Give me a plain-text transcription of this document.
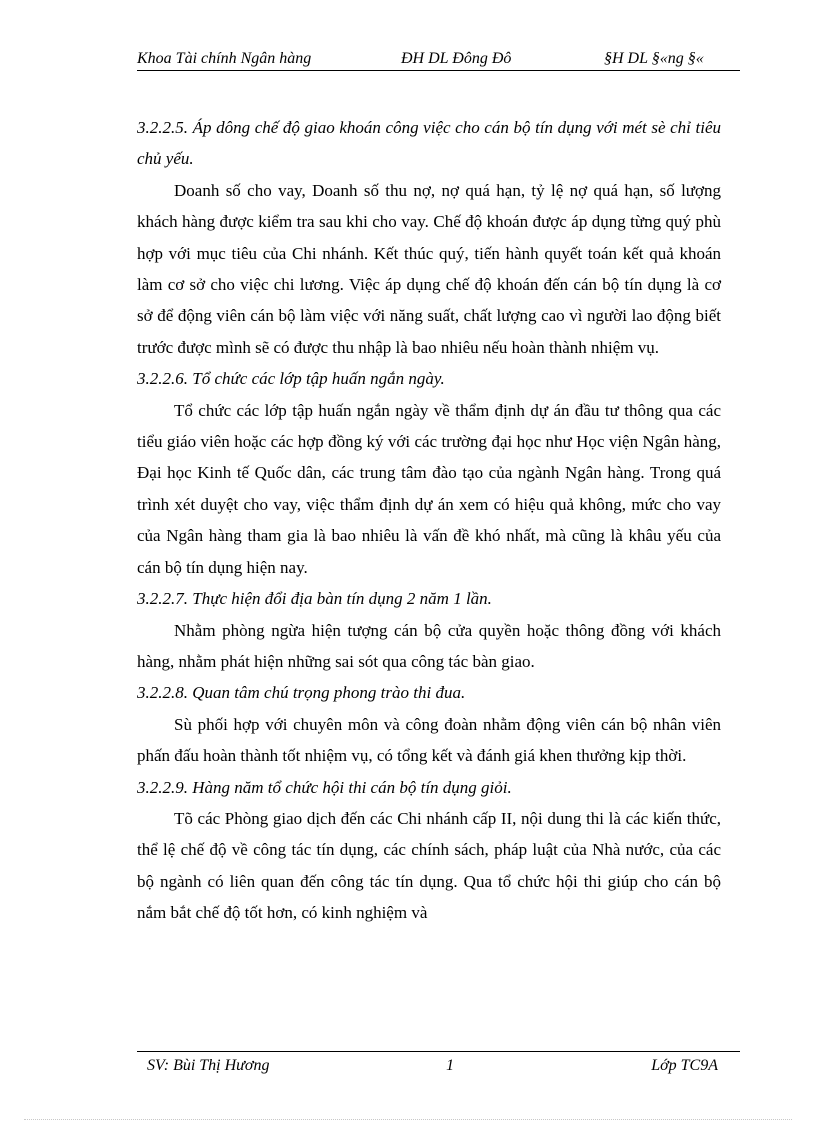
Khoa Tài chính Ngân hàng	ĐH DL Đông Đô	§H DL §«ng §«

3.2.2.5. Áp dông chế độ giao khoán công việc cho cán bộ tín dụng với mét sè chỉ tiêu chủ yếu.

Doanh số cho vay, Doanh số thu nợ, nợ quá hạn, tỷ lệ nợ quá hạn, số lượng khách hàng được kiểm tra sau khi cho vay. Chế độ khoán được áp dụng từng quý phù hợp với mục tiêu của Chi nhánh. Kết thúc quý, tiến hành quyết toán kết quả khoán làm cơ sở cho việc chi lương. Việc áp dụng chế độ khoán đến cán bộ tín dụng là cơ sở để động viên cán bộ làm việc với năng suất, chất lượng cao vì người lao động biết trước được mình sẽ có được thu nhập là bao nhiêu nếu hoàn thành nhiệm vụ.

3.2.2.6. Tổ chức các lớp tập huấn ngắn ngày.

Tổ chức các lớp tập huấn ngắn ngày về thẩm định dự án đầu tư thông qua các tiểu giáo viên hoặc các hợp đồng ký với các trường đại học như Học viện Ngân hàng, Đại học Kinh tế Quốc dân, các trung tâm đào tạo của ngành Ngân hàng. Trong quá trình xét duyệt cho vay, việc thẩm định dự án xem có hiệu quả không, mức cho vay của Ngân hàng tham gia là bao nhiêu là vấn đề khó nhất, mà cũng là khâu yếu của cán bộ tín dụng hiện nay.

3.2.2.7. Thực hiện đổi địa bàn tín dụng 2 năm 1 lần.

Nhằm phòng ngừa hiện tượng cán bộ cửa quyền hoặc thông đồng với khách hàng, nhằm phát hiện những sai sót qua công tác bàn giao.

3.2.2.8. Quan tâm chú trọng phong trào thi đua.

Sù phối hợp với chuyên môn và công đoàn nhằm động viên cán bộ nhân viên phấn đấu hoàn thành tốt nhiệm vụ, có tổng kết và đánh giá khen thưởng kịp thời.

3.2.2.9. Hàng năm tổ chức hội thi cán bộ tín dụng giỏi.

Tõ các Phòng giao dịch đến các Chi nhánh cấp II, nội dung thi là các kiến thức, thể lệ chế độ về công tác tín dụng, các chính sách, pháp luật của Nhà nước, của các bộ ngành có liên quan đến công tác tín dụng. Qua tổ chức hội thi giúp cho cán bộ nắm bắt chế độ tốt hơn, có kinh nghiệm và

SV: Bùi Thị Hương	1	Lớp TC9A
